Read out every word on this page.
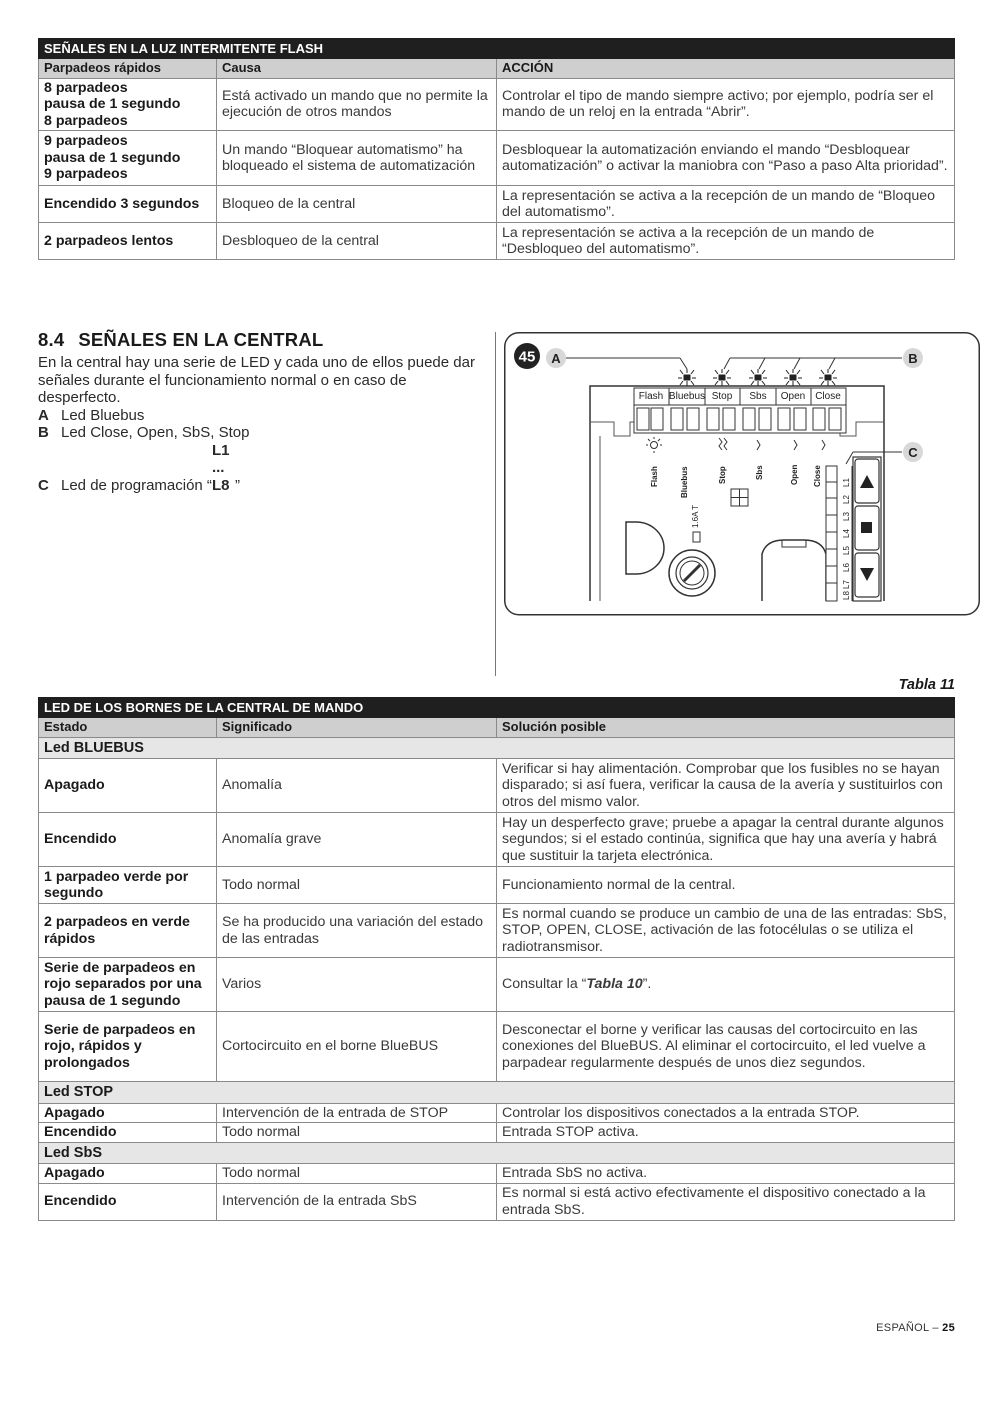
SEÑALES EN LA LUZ INTERMITENTE FLASH		
Parpadeos rápidos	Causa	ACCIÓN
8 parpadeos
pausa de 1 segundo
8 parpadeos	Está activado un mando que no permite la ejecución de otros mandos	Controlar el tipo de mando siempre activo; por ejemplo, podría ser el mando de un reloj en la entrada “Abrir”.
9 parpadeos
pausa de 1 segundo
9 parpadeos	Un mando “Bloquear automatismo” ha bloqueado el sistema de automatización	Desbloquear la automatización enviando el mando “Desbloquear automatización” o activar la maniobra con “Paso a paso Alta prioridad”.
Encendido 3 segundos	Bloqueo de la central	La representación se activa a la recepción de un mando de “Bloqueo del automatismo”.
2 parpadeos lentos	Desbloqueo de la central	La representación se activa a la recepción de un mando de “Desbloqueo del automatismo”.
8.4 SEÑALES EN LA CENTRAL

En la central hay una serie de LED y cada uno de ellos puede dar señales durante el funcionamiento normal o en caso de desperfecto.

A Led Bluebus
B Led Close, Open, SbS, Stop
C Led de programación “L1 ... L8 ”
Flash Bluebus Stop Sbs Open Close
45 A	B
C
Flash	Bluebus	Stop	Sbs	Open Close
1.6A T
L1
L2
L3
L4
L5
L6
L7
L8
Tabla 11
LED DE LOS BORNES DE LA CENTRAL DE MANDO		
Estado	Significado	Solución posible
Led BLUEBUS		
Apagado	Anomalía	Verificar si hay alimentación. Comprobar que los fusibles no se hayan disparado; si así fuera, verificar la causa de la avería y sustituirlos con otros del mismo valor.
Encendido	Anomalía grave	Hay un desperfecto grave; pruebe a apagar la central durante algunos segundos; si el estado continúa, significa que hay una avería y habrá que sustituir la tarjeta electrónica.
1 parpadeo verde por segundo	Todo normal	Funcionamiento normal de la central.
2 parpadeos en verde rápidos	Se ha producido una variación del estado de las entradas	Es normal cuando se produce un cambio de una de las entradas: SbS, STOP, OPEN, CLOSE, activación de las fotocélulas o se utiliza el radiotransmisor.
Serie de parpadeos en rojo separados por una pausa de 1 segundo	Varios	Consultar la “Tabla 10”.
Serie de parpadeos en rojo, rápidos y prolongados	Cortocircuito en el borne BlueBUS	Desconectar el borne y verificar las causas del cortocircuito en las conexiones del BlueBUS. Al eliminar el cortocircuito, el led vuelve a parpadear regularmente después de unos diez segundos.
Led STOP		
Apagado	Intervención de la entrada de STOP	Controlar los dispositivos conectados a la entrada STOP.
Encendido	Todo normal	Entrada STOP activa.
Led SbS		
Apagado	Todo normal	Entrada SbS no activa.
Encendido	Intervención de la entrada SbS	Es normal si está activo efectivamente el dispositivo conectado a la entrada SbS.
ESPAÑOL – 25
